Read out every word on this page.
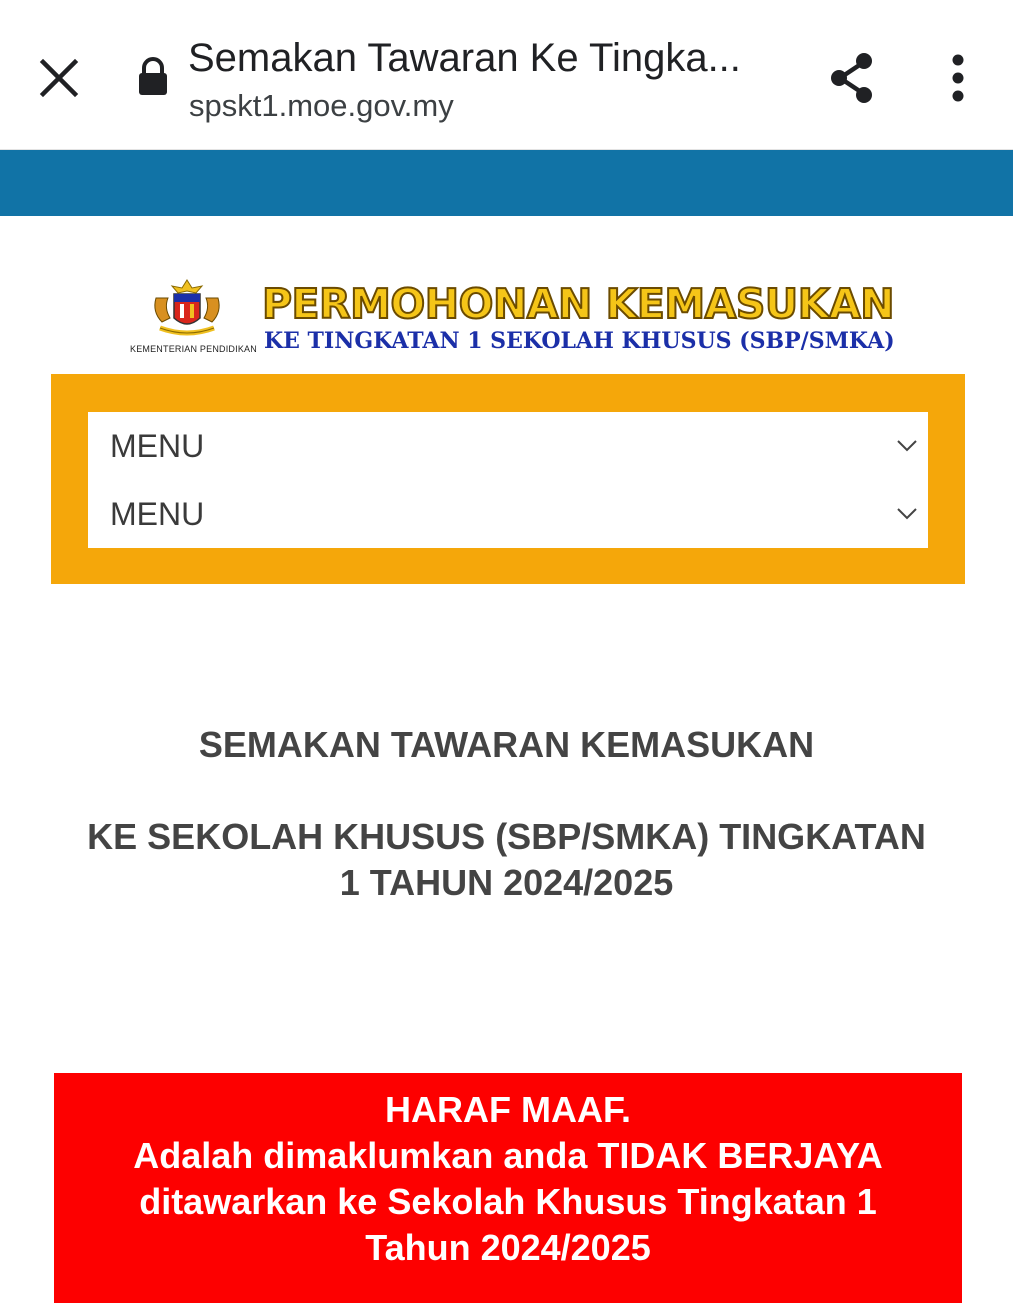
Semakan Tawaran Ke Tingka...
spskt1.moe.gov.my
KEMENTERIAN PENDIDIKAN
PERMOHONAN KEMASUKAN
KE TINGKATAN 1 SEKOLAH KHUSUS (SBP/SMKA)
MENU
MENU
SEMAKAN TAWARAN KEMASUKAN
KE SEKOLAH KHUSUS (SBP/SMKA) TINGKATAN
1 TAHUN 2024/2025
HARAF MAAF.
Adalah dimaklumkan anda TIDAK BERJAYA
ditawarkan ke Sekolah Khusus Tingkatan 1
Tahun 2024/2025
